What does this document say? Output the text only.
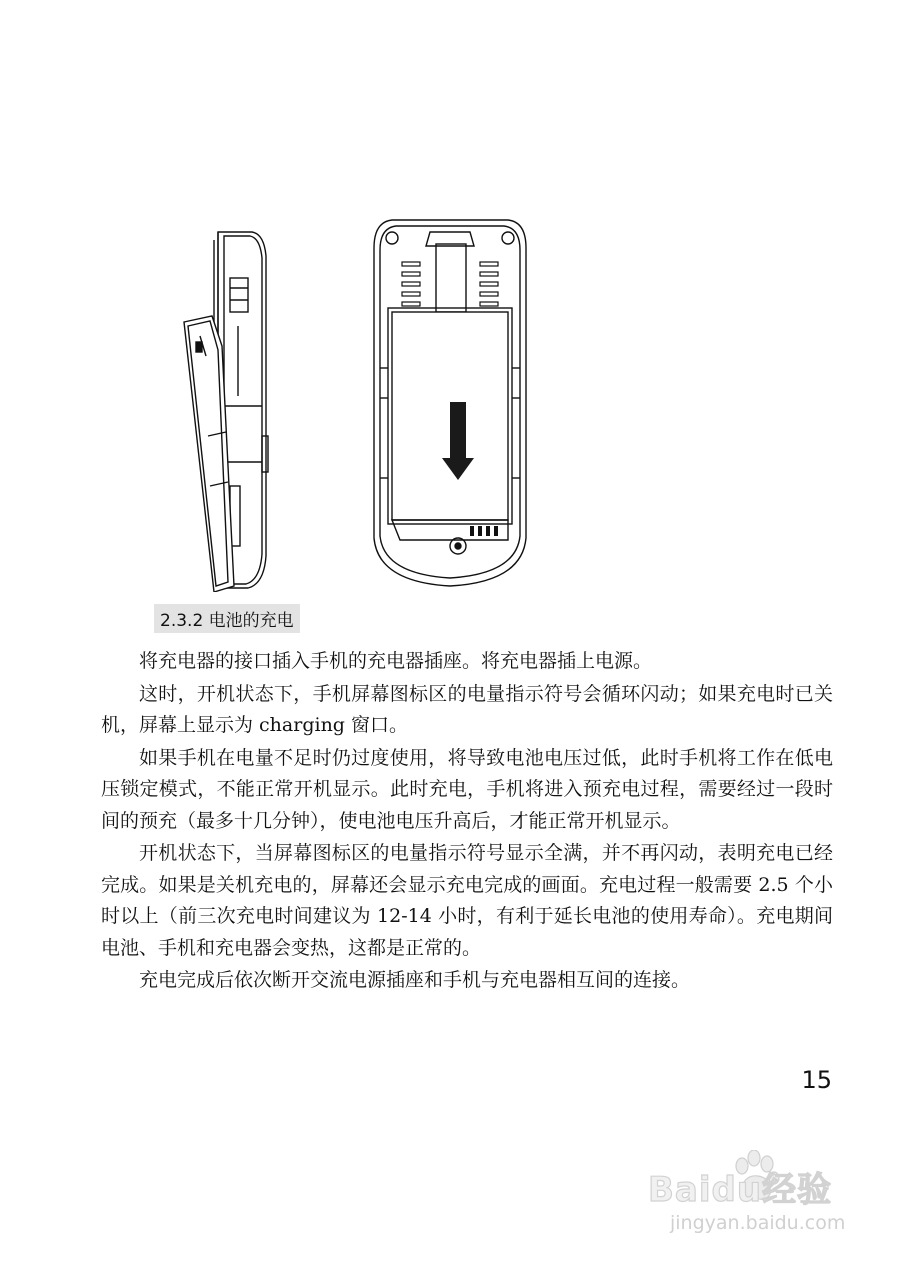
2.3.2 电池的充电

将充电器的接口插入手机的充电器插座。将充电器插上电源。

这时，开机状态下，手机屏幕图标区的电量指示符号会循环闪动；如果充电时已关机，屏幕上显示为 charging 窗口。

如果手机在电量不足时仍过度使用，将导致电池电压过低，此时手机将工作在低电压锁定模式，不能正常开机显示。此时充电，手机将进入预充电过程，需要经过一段时间的预充（最多十几分钟），使电池电压升高后，才能正常开机显示。

开机状态下，当屏幕图标区的电量指示符号显示全满，并不再闪动，表明充电已经完成。如果是关机充电的，屏幕还会显示充电完成的画面。充电过程一般需要 2.5 个小时以上（前三次充电时间建议为 12-14 小时，有利于延长电池的使用寿命）。充电期间电池、手机和充电器会变热，这都是正常的。

充电完成后依次断开交流电源插座和手机与充电器相互间的连接。

15
Baidu经验
jingyan.baidu.com
